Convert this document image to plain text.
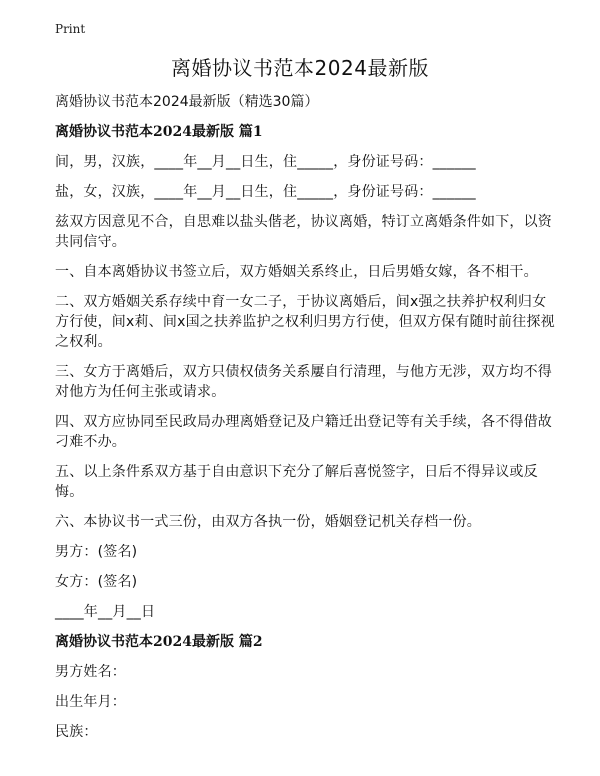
Print
离婚协议书范本2024最新版

离婚协议书范本2024最新版（精选30篇）

离婚协议书范本2024最新版 篇1

间，男，汉族，____年__月__日生，住_____，身份证号码：______

盐，女，汉族，____年__月__日生，住_____，身份证号码：______

兹双方因意见不合，自思难以盐头偕老，协议离婚，特订立离婚条件如下，以资共同信守。

一、自本离婚协议书签立后，双方婚姻关系终止，日后男婚女嫁，各不相干。

二、双方婚姻关系存续中育一女二子，于协议离婚后，间x强之扶养护权利归女方行使，间x莉、间x国之扶养监护之权利归男方行使，但双方保有随时前往探视之权利。

三、女方于离婚后，双方只债权债务关系屢自行清理，与他方无涉，双方均不得对他方为任何主张或请求。

四、双方应协同至民政局办理离婚登记及户籍迁出登记等有关手续，各不得借故刁难不办。

五、以上条件系双方基于自由意识下充分了解后喜悦签字，日后不得异议或反悔。

六、本协议书一式三份，由双方各执一份，婚姻登记机关存档一份。

男方：(签名)

女方：(签名)

____年__月__日

离婚协议书范本2024最新版 篇2

男方姓名：

出生年月：

民族：
